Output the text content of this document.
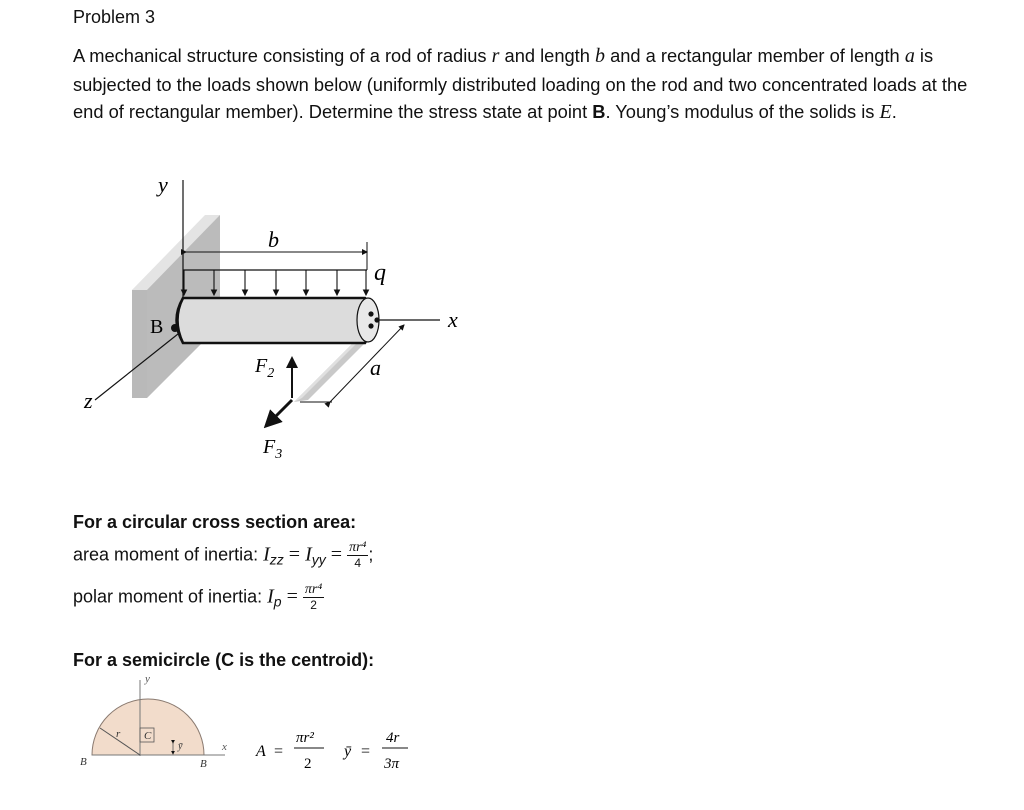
Problem 3
A mechanical structure consisting of a rod of radius r and length b and a rectangular member of length a is subjected to the loads shown below (uniformly distributed loading on the rod and two concentrated loads at the end of rectangular member). Determine the stress state at point B. Young’s modulus of the solids is E.
y
x
z
b
q
a
B
$F_2$
$F_3$
For a circular cross section area:
area moment of inertia: $I_{zz} = I_{yy} = \frac{\text{πr⁴}}{4}$ ;
polar moment of inertia: $I_p = \frac{\text{πr⁴}}{2}$
For a semicircle (C is the centroid):
y
r C
ȳ	x
B	B
A =
πr²
2
ȳ =
4r
3π
